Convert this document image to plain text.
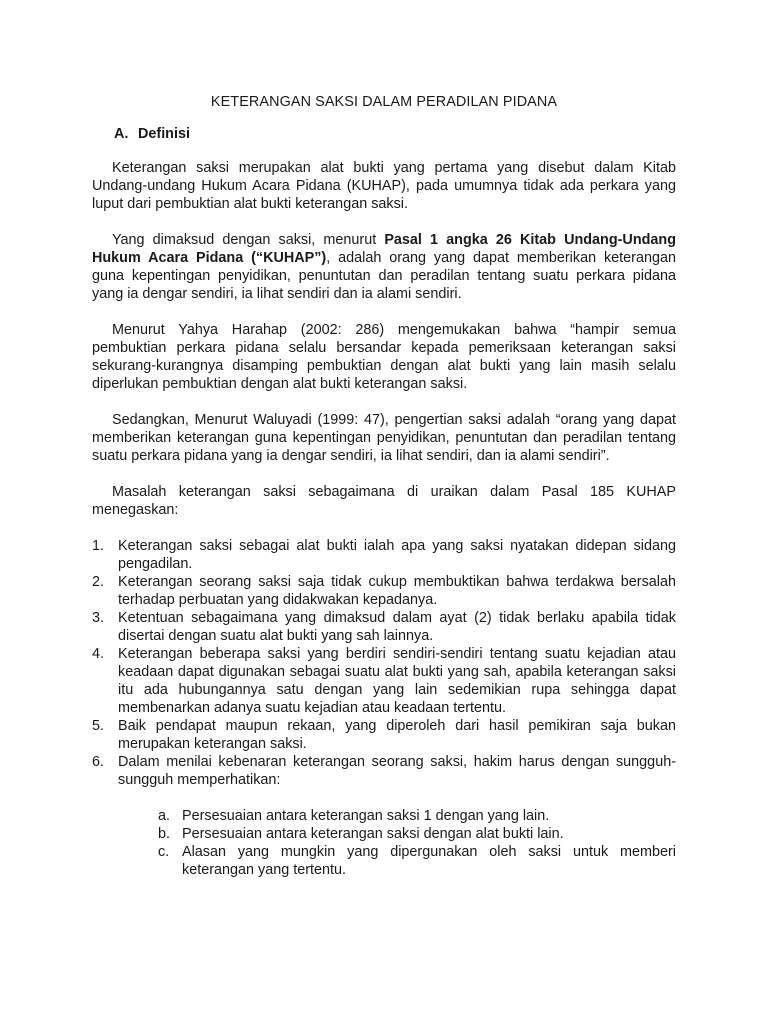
KETERANGAN SAKSI DALAM PERADILAN PIDANA
A. Definisi

Keterangan saksi merupakan alat bukti yang pertama yang disebut dalam Kitab Undang-undang Hukum Acara Pidana (KUHAP), pada umumnya tidak ada perkara yang luput dari pembuktian alat bukti keterangan saksi.

Yang dimaksud dengan saksi, menurut Pasal 1 angka 26 Kitab Undang-Undang Hukum Acara Pidana (“KUHAP”), adalah orang yang dapat memberikan keterangan guna kepentingan penyidikan, penuntutan dan peradilan tentang suatu perkara pidana yang ia dengar sendiri, ia lihat sendiri dan ia alami sendiri.

Menurut Yahya Harahap (2002: 286) mengemukakan bahwa “hampir semua pembuktian perkara pidana selalu bersandar kepada pemeriksaan keterangan saksi sekurang-kurangnya disamping pembuktian dengan alat bukti yang lain masih selalu diperlukan pembuktian dengan alat bukti keterangan saksi.

Sedangkan, Menurut Waluyadi (1999: 47), pengertian saksi adalah “orang yang dapat memberikan keterangan guna kepentingan penyidikan, penuntutan dan peradilan tentang suatu perkara pidana yang ia dengar sendiri, ia lihat sendiri, dan ia alami sendiri”.

Masalah keterangan saksi sebagaimana di uraikan dalam Pasal 185 KUHAP menegaskan:

1. Keterangan saksi sebagai alat bukti ialah apa yang saksi nyatakan didepan sidang pengadilan.
2. Keterangan seorang saksi saja tidak cukup membuktikan bahwa terdakwa bersalah terhadap perbuatan yang didakwakan kepadanya.
3. Ketentuan sebagaimana yang dimaksud dalam ayat (2) tidak berlaku apabila tidak disertai dengan suatu alat bukti yang sah lainnya.
4. Keterangan beberapa saksi yang berdiri sendiri-sendiri tentang suatu kejadian atau keadaan dapat digunakan sebagai suatu alat bukti yang sah, apabila keterangan saksi itu ada hubungannya satu dengan yang lain sedemikian rupa sehingga dapat membenarkan adanya suatu kejadian atau keadaan tertentu.
5. Baik pendapat maupun rekaan, yang diperoleh dari hasil pemikiran saja bukan merupakan keterangan saksi.
6. Dalam menilai kebenaran keterangan seorang saksi, hakim harus dengan sungguh-sungguh memperhatikan:
a. Persesuaian antara keterangan saksi 1 dengan yang lain.
b. Persesuaian antara keterangan saksi dengan alat bukti lain.
c. Alasan yang mungkin yang dipergunakan oleh saksi untuk memberi keterangan yang tertentu.
